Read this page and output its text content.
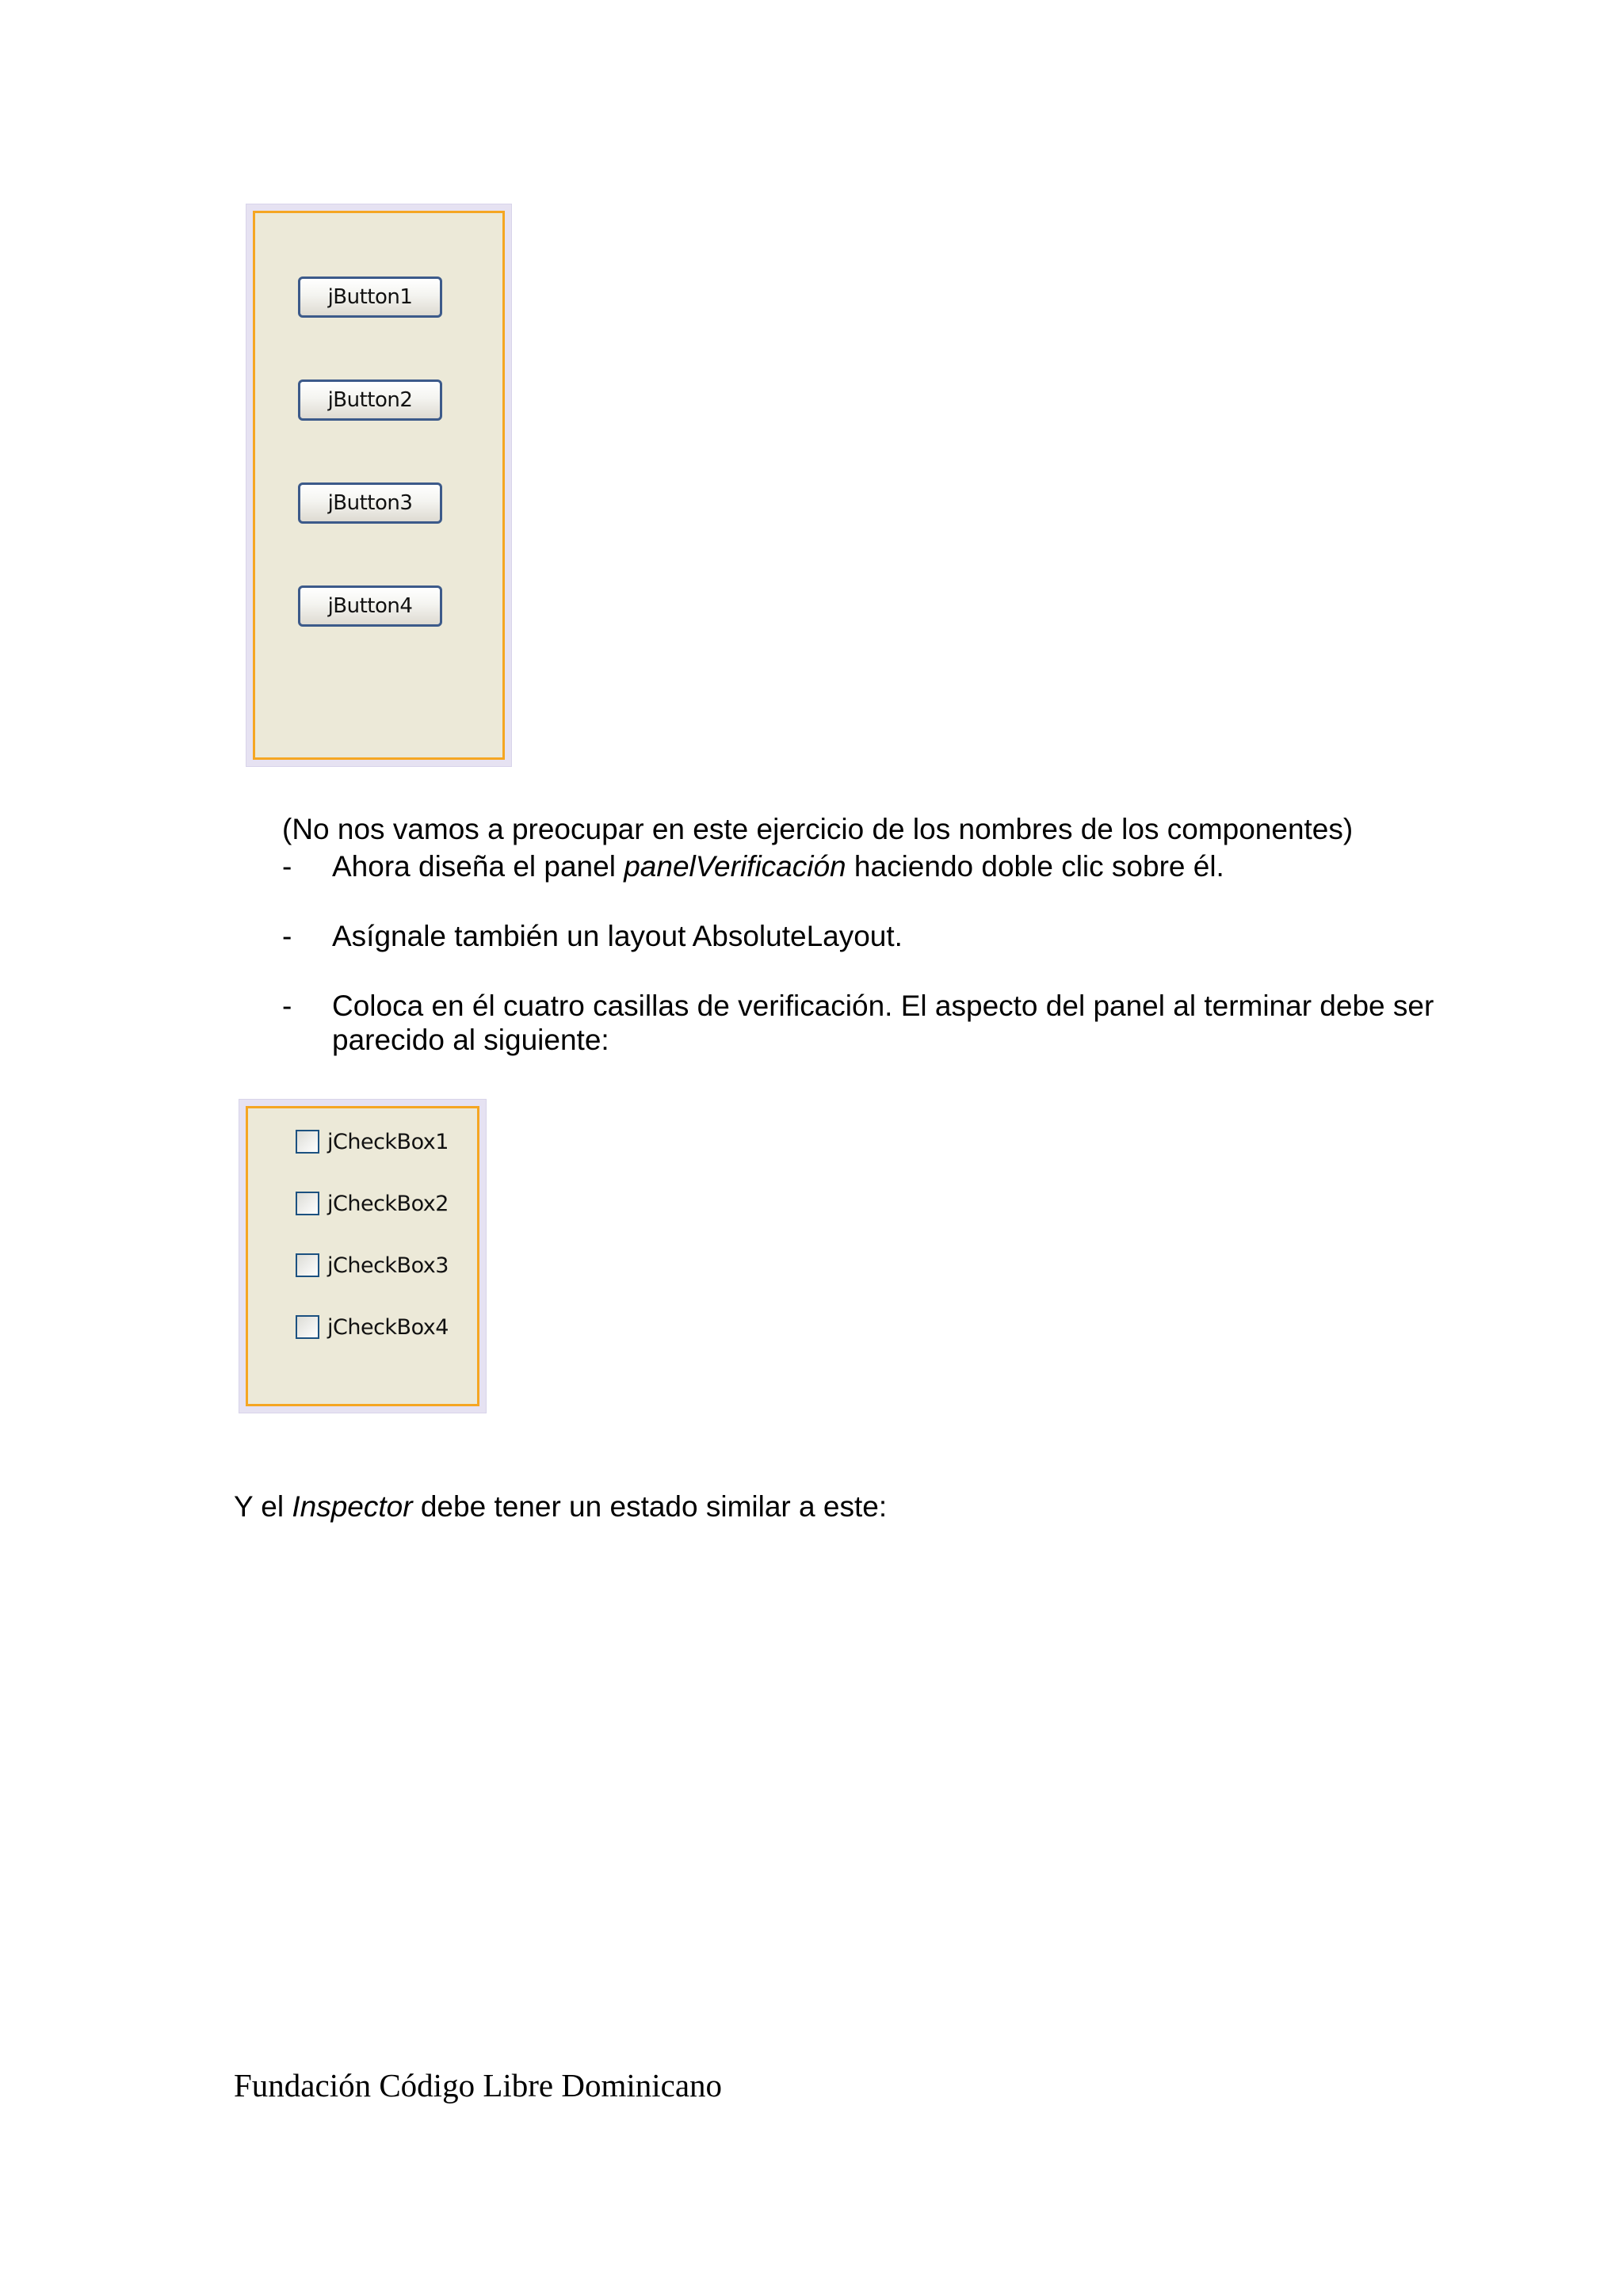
jButton1
jButton2
jButton3
jButton4
(No nos vamos a preocupar en este ejercicio de los nombres de los componentes)
- Ahora diseña el panel panelVerificación haciendo doble clic sobre él.
- Asígnale también un layout AbsoluteLayout.
- Coloca en él cuatro casillas de verificación. El aspecto del panel al terminar debe ser
parecido al siguiente:
jCheckBox1
jCheckBox2
jCheckBox3
jCheckBox4
Y el Inspector debe tener un estado similar a este:
Fundación Código Libre Dominicano
